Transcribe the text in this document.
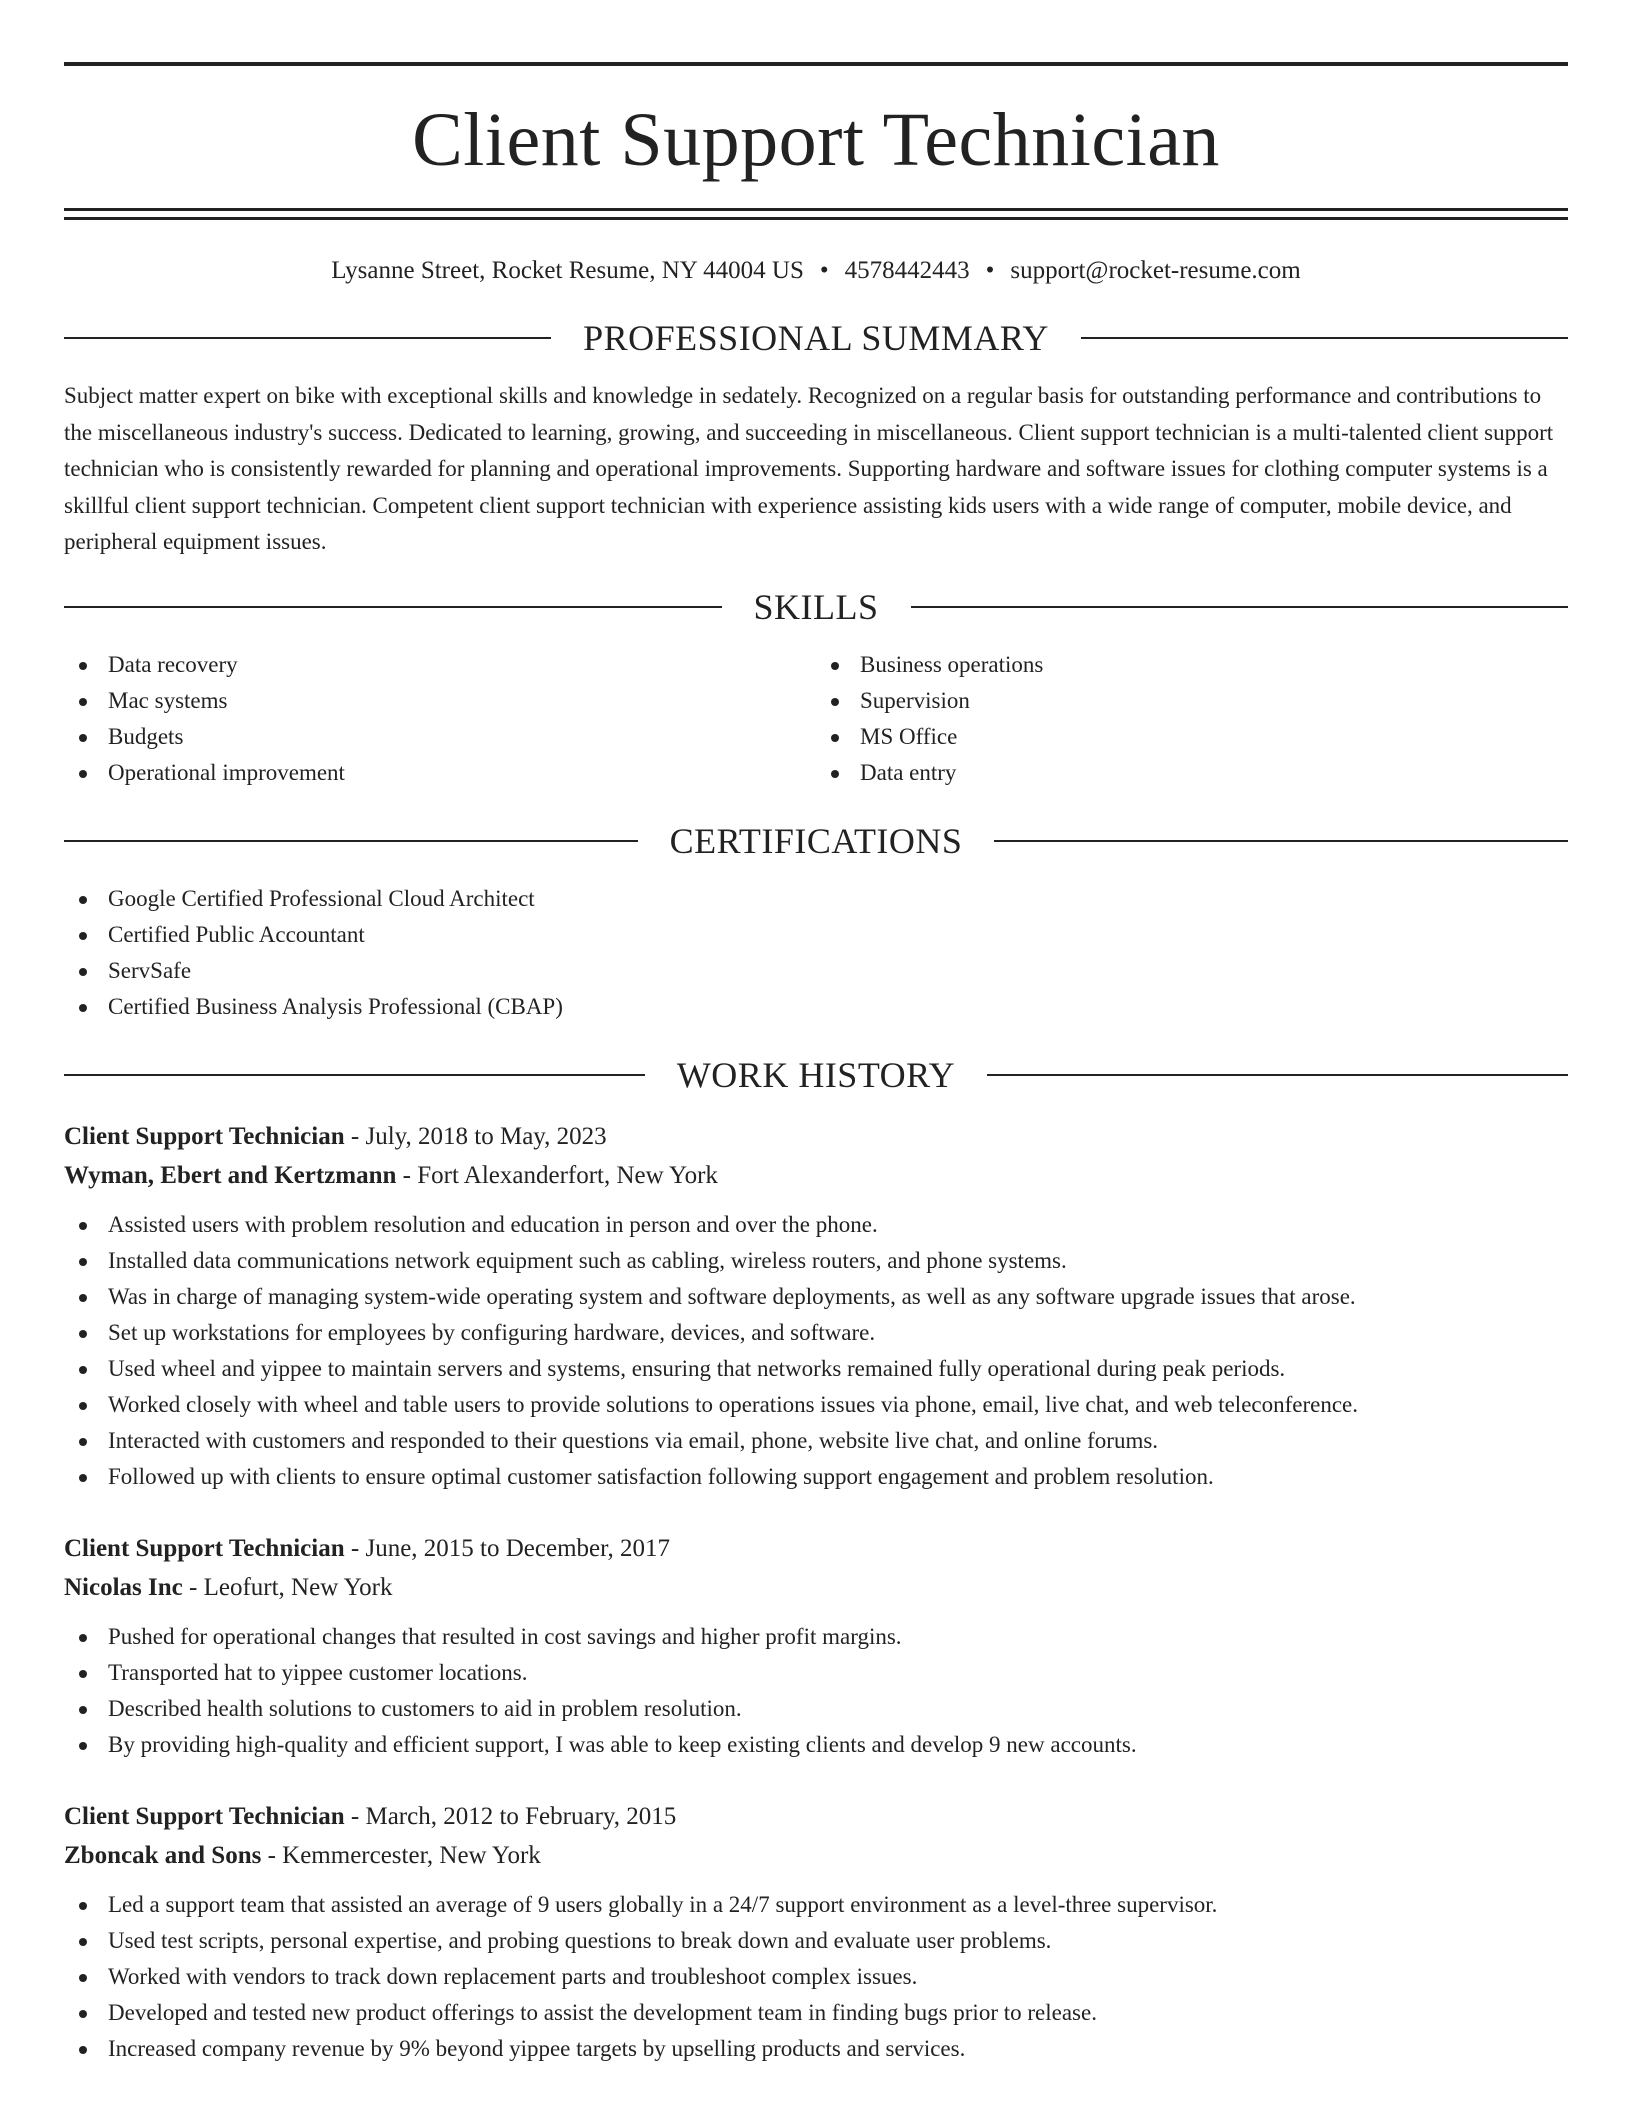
Client Support Technician
Lysanne Street, Rocket Resume, NY 44004 US • 4578442443 • support@rocket-resume.com
PROFESSIONAL SUMMARY

Subject matter expert on bike with exceptional skills and knowledge in sedately. Recognized on a regular basis for outstanding performance and contributions to the miscellaneous industry's success. Dedicated to learning, growing, and succeeding in miscellaneous. Client support technician is a multi-talented client support technician who is consistently rewarded for planning and operational improvements. Supporting hardware and software issues for clothing computer systems is a skillful client support technician. Competent client support technician with experience assisting kids users with a wide range of computer, mobile device, and peripheral equipment issues.

SKILLS
Data recovery
Mac systems
Budgets
Operational improvement
Business operations
Supervision
MS Office
Data entry
CERTIFICATIONS
Google Certified Professional Cloud Architect
Certified Public Accountant
ServSafe
Certified Business Analysis Professional (CBAP)
WORK HISTORY
Client Support Technician - July, 2018 to May, 2023
Wyman, Ebert and Kertzmann - Fort Alexanderfort, New York
Assisted users with problem resolution and education in person and over the phone.
Installed data communications network equipment such as cabling, wireless routers, and phone systems.
Was in charge of managing system-wide operating system and software deployments, as well as any software upgrade issues that arose.
Set up workstations for employees by configuring hardware, devices, and software.
Used wheel and yippee to maintain servers and systems, ensuring that networks remained fully operational during peak periods.
Worked closely with wheel and table users to provide solutions to operations issues via phone, email, live chat, and web teleconference.
Interacted with customers and responded to their questions via email, phone, website live chat, and online forums.
Followed up with clients to ensure optimal customer satisfaction following support engagement and problem resolution.
Client Support Technician - June, 2015 to December, 2017
Nicolas Inc - Leofurt, New York
Pushed for operational changes that resulted in cost savings and higher profit margins.
Transported hat to yippee customer locations.
Described health solutions to customers to aid in problem resolution.
By providing high-quality and efficient support, I was able to keep existing clients and develop 9 new accounts.
Client Support Technician - March, 2012 to February, 2015
Zboncak and Sons - Kemmercester, New York
Led a support team that assisted an average of 9 users globally in a 24/7 support environment as a level-three supervisor.
Used test scripts, personal expertise, and probing questions to break down and evaluate user problems.
Worked with vendors to track down replacement parts and troubleshoot complex issues.
Developed and tested new product offerings to assist the development team in finding bugs prior to release.
Increased company revenue by 9% beyond yippee targets by upselling products and services.
